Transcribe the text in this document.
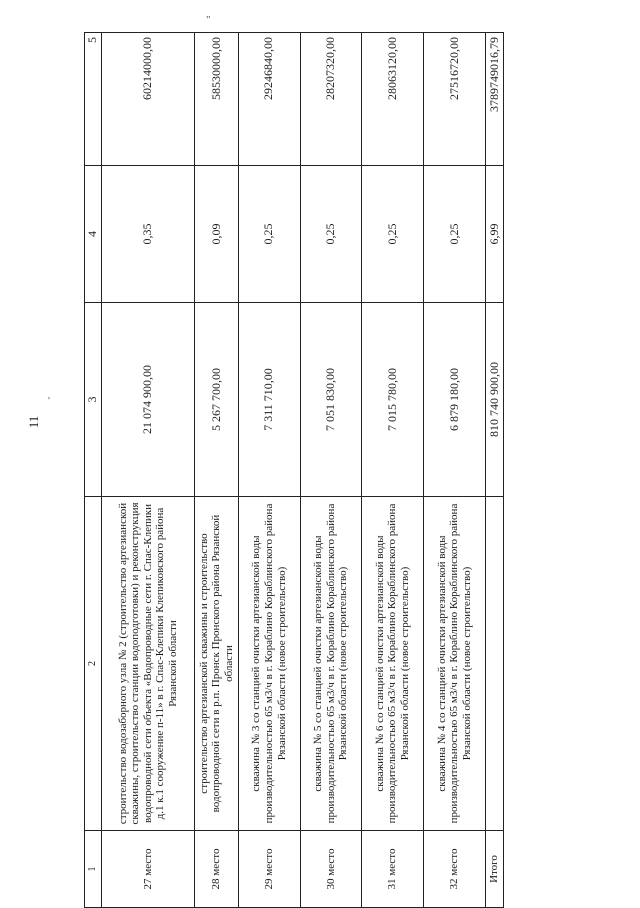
'
"
11
1	2	3	4	5
27 место	строительство водозаборного узла № 2 (строительство артезианской скважины, строительство станции водоподготовки) и реконструкция водопроводной сети объекта «Водопроводные сети г. Спас-Клепики д.1 к.1 сооружение п-11» в г. Спас-Клепики Клепиковского района Рязанской области	21 074 900,00	0,35	60214000,00
28 место	строительство артезианской скважины и строительство водопроводной сети в р.п. Пронск Пронского района Рязанской области	5 267 700,00	0,09	58530000,00
29 место	скважина № 3 со станцией очистки артезианской воды производительностью 65 м3/ч в г. Кораблино Кораблинского района Рязанской области (новое строительство)	7 311 710,00	0,25	29246840,00
30 место	скважина № 5 со станцией очистки артезианской воды производительностью 65 м3/ч в г. Кораблино Кораблинского района Рязанской области (новое строительство)	7 051 830,00	0,25	28207320,00
31 место	скважина № 6 со станцией очистки артезианской воды производительностью 65 м3/ч в г. Кораблино Кораблинского района Рязанской области (новое строительство)	7 015 780,00	0,25	28063120,00
32 место	скважина № 4 со станцией очистки артезианской воды производительностью 65 м3/ч в г. Кораблино Кораблинского района Рязанской области (новое строительство)	6 879 180,00	0,25	27516720,00
Итого		810 740 900,00	6,99	3789749016,79
